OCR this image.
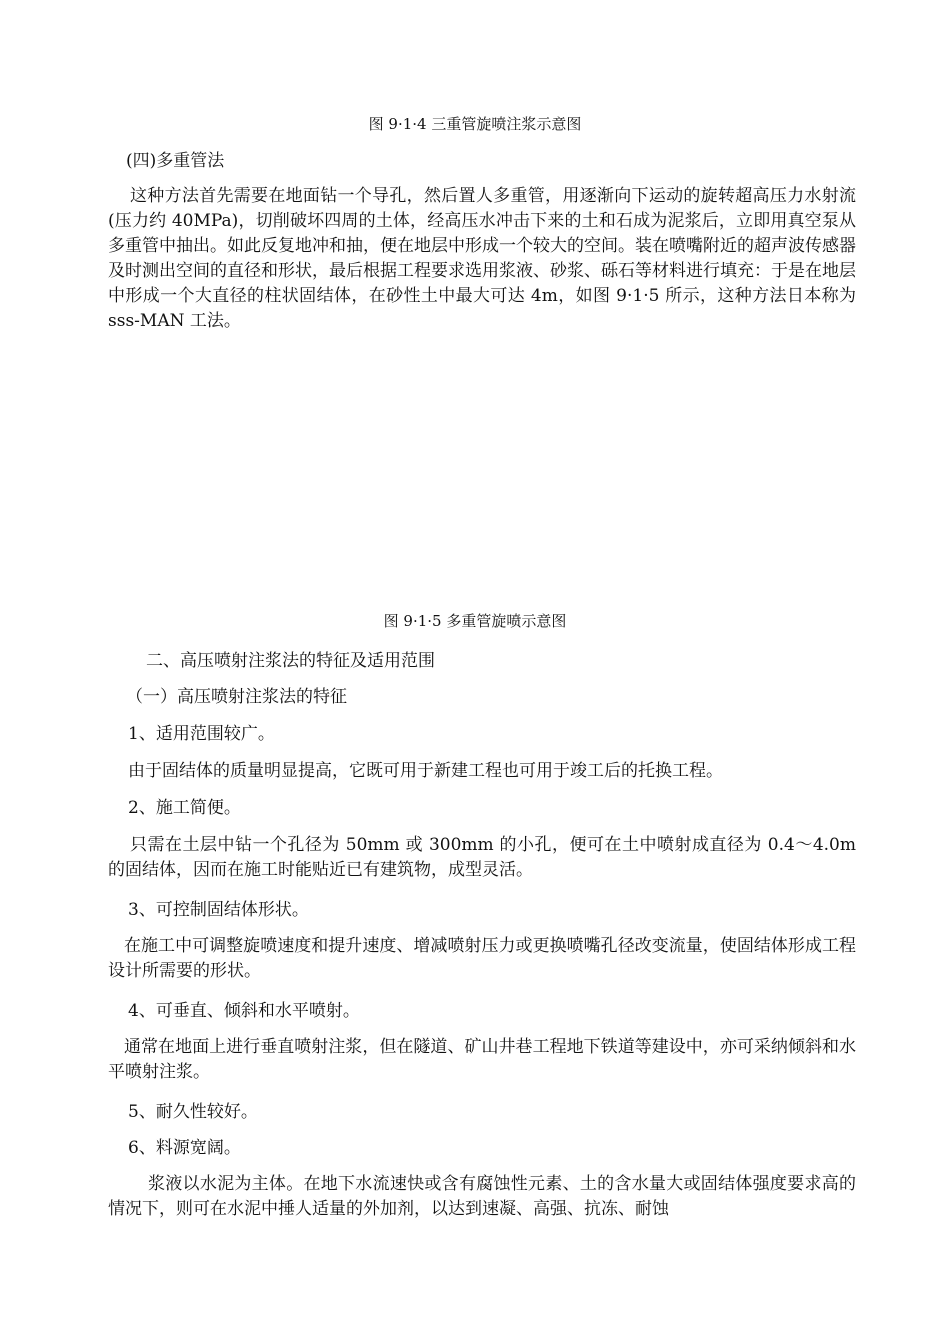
图 9·1·4 三重管旋喷注浆示意图

(四)多重管法

这种方法首先需要在地面钻一个导孔，然后置人多重管，用逐渐向下运动的旋转超高压力水射流(压力约 40MPa)，切削破坏四周的土体，经高压水冲击下来的土和石成为泥浆后，立即用真空泵从多重管中抽出。如此反复地冲和抽，便在地层中形成一个较大的空间。装在喷嘴附近的超声波传感器及时测出空间的直径和形状，最后根据工程要求选用浆液、砂浆、砾石等材料进行填充：于是在地层中形成一个大直径的柱状固结体，在砂性土中最大可达 4m，如图 9·1·5 所示，这种方法日本称为 sss-MAN 工法。

图 9·1·5 多重管旋喷示意图

二、高压喷射注浆法的特征及适用范围

（一）高压喷射注浆法的特征

1、适用范围较广。

由于固结体的质量明显提高，它既可用于新建工程也可用于竣工后的托换工程。

2、施工简便。

只需在土层中钻一个孔径为 50mm 或 300mm 的小孔，便可在土中喷射成直径为 0.4～4.0m 的固结体，因而在施工时能贴近已有建筑物，成型灵活。

3、可控制固结体形状。

在施工中可调整旋喷速度和提升速度、增减喷射压力或更换喷嘴孔径改变流量，使固结体形成工程设计所需要的形状。

4、可垂直、倾斜和水平喷射。

通常在地面上进行垂直喷射注浆，但在隧道、矿山井巷工程地下铁道等建设中，亦可采纳倾斜和水平喷射注浆。

5、耐久性较好。

6、料源宽阔。

浆液以水泥为主体。在地下水流速快或含有腐蚀性元素、土的含水量大或固结体强度要求高的情况下，则可在水泥中捶人适量的外加剂，以达到速凝、高强、抗冻、耐蚀
